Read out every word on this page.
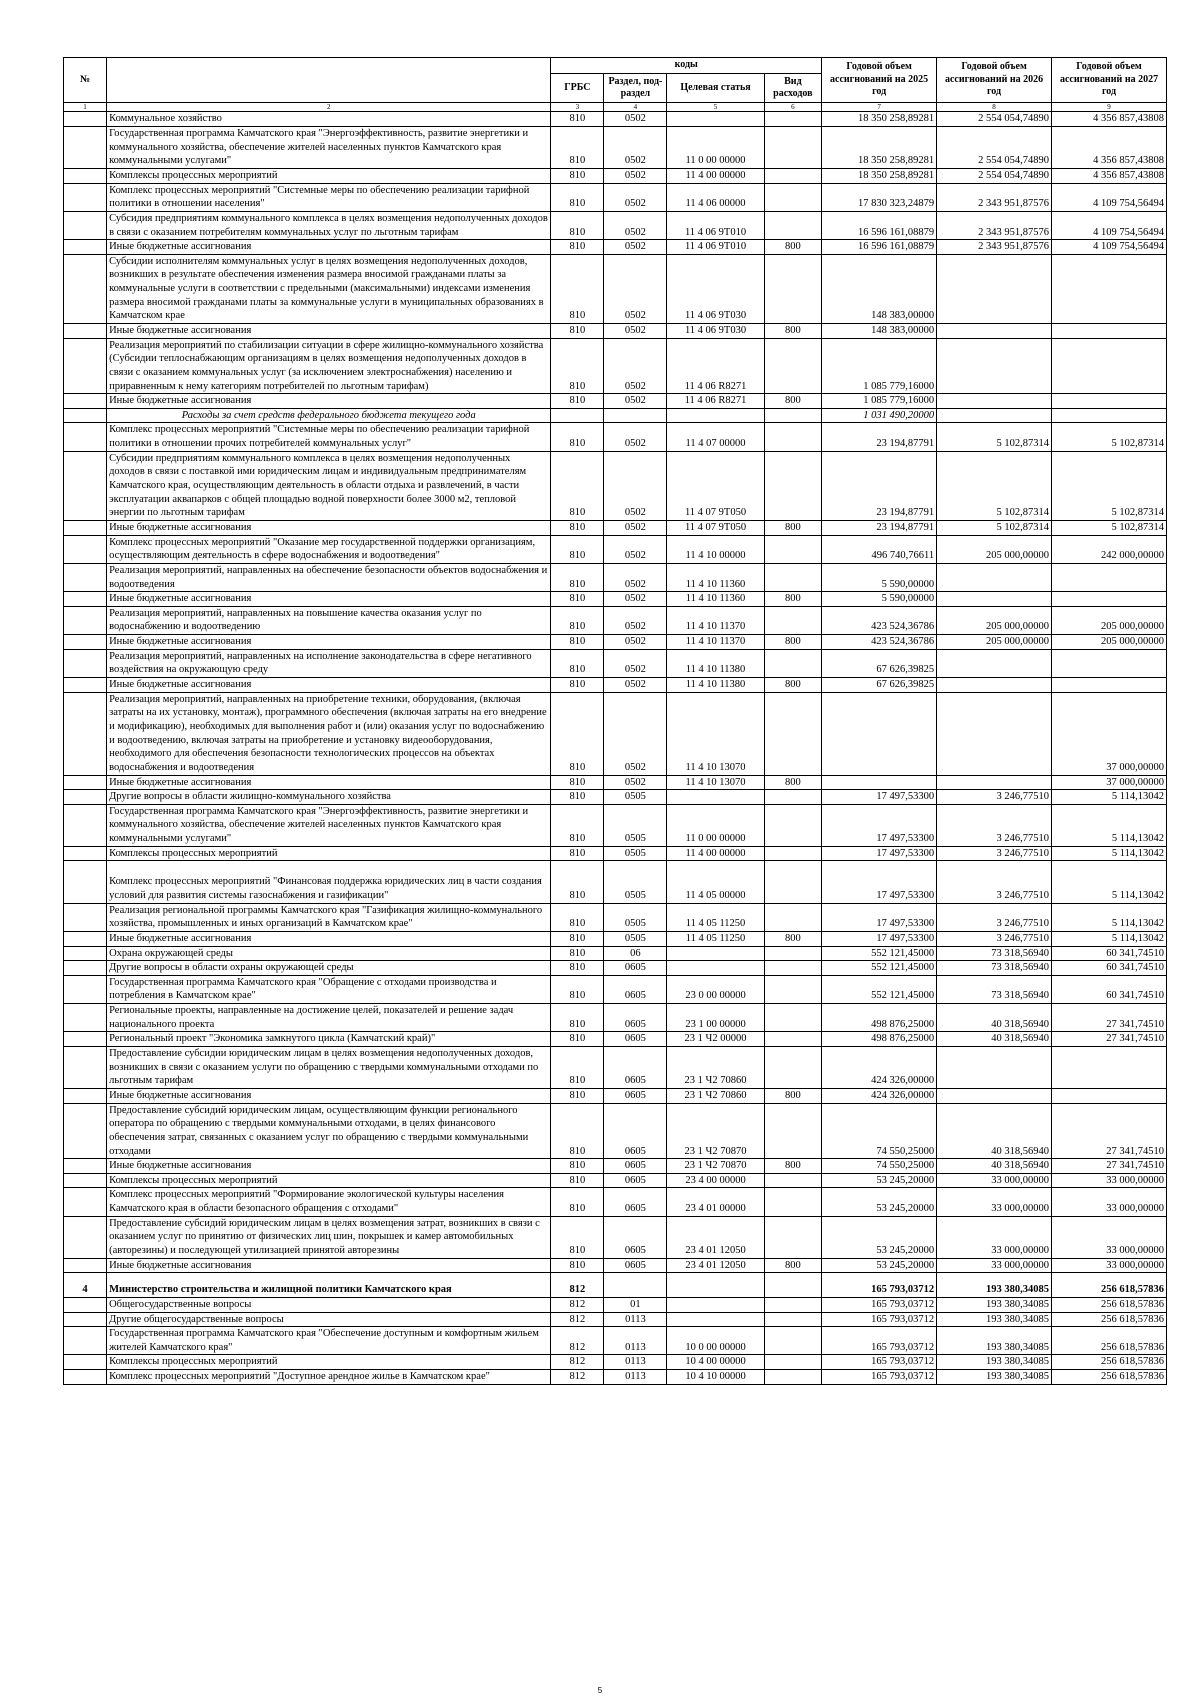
№		коды				Годовой объем ассигнований на 2025 год	Годовой объем ассигнований на 2026 год	Годовой объем ассигнований на 2027 год
		ГРБС	Раздел, под-раздел	Целевая статья	Вид расходов			
1	2	3	4	5	6	7	8	9
	Коммунальное хозяйство	810	0502			18 350 258,89281	2 554 054,74890	4 356 857,43808
	Государственная программа Камчатского края "Энергоэффективность, развитие энергетики и коммунального хозяйства, обеспечение жителей населенных пунктов Камчатского края коммунальными услугами"	810	0502	11 0 00 00000		18 350 258,89281	2 554 054,74890	4 356 857,43808
	Комплексы процессных мероприятий	810	0502	11 4 00 00000		18 350 258,89281	2 554 054,74890	4 356 857,43808
	Комплекс процессных мероприятий "Системные меры по обеспечению реализации тарифной политики в отношении населения"	810	0502	11 4 06 00000		17 830 323,24879	2 343 951,87576	4 109 754,56494
	Субсидия предприятиям коммунального комплекса в целях возмещения недополученных доходов в связи с оказанием потребителям коммунальных услуг по льготным тарифам	810	0502	11 4 06 9Т010		16 596 161,08879	2 343 951,87576	4 109 754,56494
	Иные бюджетные ассигнования	810	0502	11 4 06 9Т010	800	16 596 161,08879	2 343 951,87576	4 109 754,56494
	Субсидии исполнителям коммунальных услуг в целях возмещения недополученных доходов, возникших в результате обеспечения изменения размера вносимой гражданами платы за коммунальные услуги в соответствии с предельными (максимальными) индексами изменения размера вносимой гражданами платы за коммунальные услуги в муниципальных образованиях в Камчатском крае	810	0502	11 4 06 9Т030		148 383,00000		
	Иные бюджетные ассигнования	810	0502	11 4 06 9Т030	800	148 383,00000		
	Реализация мероприятий по стабилизации ситуации в сфере жилищно-коммунального хозяйства (Субсидии теплоснабжающим организациям в целях возмещения недополученных доходов в связи с оказанием коммунальных услуг (за исключением электроснабжения) населению и приравненным к нему категориям потребителей по льготным тарифам)	810	0502	11 4 06 R8271		1 085 779,16000		
	Иные бюджетные ассигнования	810	0502	11 4 06 R8271	800	1 085 779,16000		
	Расходы за счет средств федерального бюджета текущего года					1 031 490,20000		
	Комплекс процессных мероприятий "Системные меры по обеспечению реализации тарифной политики в отношении прочих потребителей коммунальных услуг"	810	0502	11 4 07 00000		23 194,87791	5 102,87314	5 102,87314
	Субсидии предприятиям коммунального комплекса в целях возмещения недополученных доходов в связи с поставкой ими юридическим лицам и индивидуальным предпринимателям Камчатского края, осуществляющим деятельность в области отдыха и развлечений, в части эксплуатации аквапарков с общей площадью водной поверхности более 3000 м2, тепловой энергии по льготным тарифам	810	0502	11 4 07 9Т050		23 194,87791	5 102,87314	5 102,87314
	Иные бюджетные ассигнования	810	0502	11 4 07 9Т050	800	23 194,87791	5 102,87314	5 102,87314
	Комплекс процессных мероприятий "Оказание мер государственной поддержки организациям, осуществляющим деятельность в сфере водоснабжения и водоотведения"	810	0502	11 4 10 00000		496 740,76611	205 000,00000	242 000,00000
	Реализация мероприятий, направленных на обеспечение безопасности объектов водоснабжения и водоотведения	810	0502	11 4 10 11360		5 590,00000		
	Иные бюджетные ассигнования	810	0502	11 4 10 11360	800	5 590,00000		
	Реализация мероприятий, направленных на повышение качества оказания услуг по водоснабжению и водоотведению	810	0502	11 4 10 11370		423 524,36786	205 000,00000	205 000,00000
	Иные бюджетные ассигнования	810	0502	11 4 10 11370	800	423 524,36786	205 000,00000	205 000,00000
	Реализация мероприятий, направленных на исполнение законодательства в сфере негативного воздействия на окружающую среду	810	0502	11 4 10 11380		67 626,39825		
	Иные бюджетные ассигнования	810	0502	11 4 10 11380	800	67 626,39825		
	Реализация мероприятий, направленных на приобретение техники, оборудования, (включая затраты на их установку, монтаж), программного обеспечения (включая затраты на его внедрение и модификацию), необходимых для выполнения работ и (или) оказания услуг по водоснабжению и водоотведению, включая затраты на приобретение и установку видеооборудования, необходимого для обеспечения безопасности технологических процессов на объектах водоснабжения и водоотведения	810	0502	11 4 10 13070				37 000,00000
	Иные бюджетные ассигнования	810	0502	11 4 10 13070	800			37 000,00000
	Другие вопросы в области жилищно-коммунального хозяйства	810	0505			17 497,53300	3 246,77510	5 114,13042
	Государственная программа Камчатского края "Энергоэффективность, развитие энергетики и коммунального хозяйства, обеспечение жителей населенных пунктов Камчатского края коммунальными услугами"	810	0505	11 0 00 00000		17 497,53300	3 246,77510	5 114,13042
	Комплексы процессных мероприятий	810	0505	11 4 00 00000		17 497,53300	3 246,77510	5 114,13042
	Комплекс процессных мероприятий "Финансовая поддержка юридических лиц в части создания условий для развития системы газоснабжения и газификации"	810	0505	11 4 05 00000		17 497,53300	3 246,77510	5 114,13042
	Реализация региональной программы Камчатского края "Газификация жилищно-коммунального хозяйства, промышленных и иных организаций в Камчатском крае"	810	0505	11 4 05 11250		17 497,53300	3 246,77510	5 114,13042
	Иные бюджетные ассигнования	810	0505	11 4 05 11250	800	17 497,53300	3 246,77510	5 114,13042
	Охрана окружающей среды	810	06			552 121,45000	73 318,56940	60 341,74510
	Другие вопросы в области охраны окружающей среды	810	0605			552 121,45000	73 318,56940	60 341,74510
	Государственная программа Камчатского края "Обращение с отходами производства и потребления в Камчатском крае"	810	0605	23 0 00 00000		552 121,45000	73 318,56940	60 341,74510
	Региональные проекты, направленные на достижение целей, показателей и решение задач национального проекта	810	0605	23 1 00 00000		498 876,25000	40 318,56940	27 341,74510
	Региональный проект "Экономика замкнутого цикла (Камчатский край)"	810	0605	23 1 Ч2 00000		498 876,25000	40 318,56940	27 341,74510
	Предоставление субсидии юридическим лицам в целях возмещения недополученных доходов, возникших в связи с оказанием услуги по обращению с твердыми коммунальными отходами по льготным тарифам	810	0605	23 1 Ч2 70860		424 326,00000		
	Иные бюджетные ассигнования	810	0605	23 1 Ч2 70860	800	424 326,00000		
	Предоставление субсидий юридическим лицам, осуществляющим функции регионального оператора по обращению с твердыми коммунальными отходами, в целях финансового обеспечения затрат, связанных с оказанием услуг по обращению с твердыми коммунальными отходами	810	0605	23 1 Ч2 70870		74 550,25000	40 318,56940	27 341,74510
	Иные бюджетные ассигнования	810	0605	23 1 Ч2 70870	800	74 550,25000	40 318,56940	27 341,74510
	Комплексы процессных мероприятий	810	0605	23 4 00 00000		53 245,20000	33 000,00000	33 000,00000
	Комплекс процессных мероприятий "Формирование экологической культуры населения Камчатского края в области безопасного обращения с отходами"	810	0605	23 4 01 00000		53 245,20000	33 000,00000	33 000,00000
	Предоставление субсидий юридическим лицам в целях возмещения затрат, возникших в связи с оказанием услуг по принятию от физических лиц шин, покрышек и камер автомобильных (авторезины) и последующей утилизацией принятой авторезины	810	0605	23 4 01 12050		53 245,20000	33 000,00000	33 000,00000
	Иные бюджетные ассигнования	810	0605	23 4 01 12050	800	53 245,20000	33 000,00000	33 000,00000
4	Министерство строительства и жилищной политики Камчатского края	812				165 793,03712	193 380,34085	256 618,57836
	Общегосударственные вопросы	812	01			165 793,03712	193 380,34085	256 618,57836
	Другие общегосударственные вопросы	812	0113			165 793,03712	193 380,34085	256 618,57836
	Государственная программа Камчатского края "Обеспечение доступным и комфортным жильем жителей Камчатского края"	812	0113	10 0 00 00000		165 793,03712	193 380,34085	256 618,57836
	Комплексы процессных мероприятий	812	0113	10 4 00 00000		165 793,03712	193 380,34085	256 618,57836
	Комплекс процессных мероприятий "Доступное арендное жилье в Камчатском крае"	812	0113	10 4 10 00000		165 793,03712	193 380,34085	256 618,57836
5
